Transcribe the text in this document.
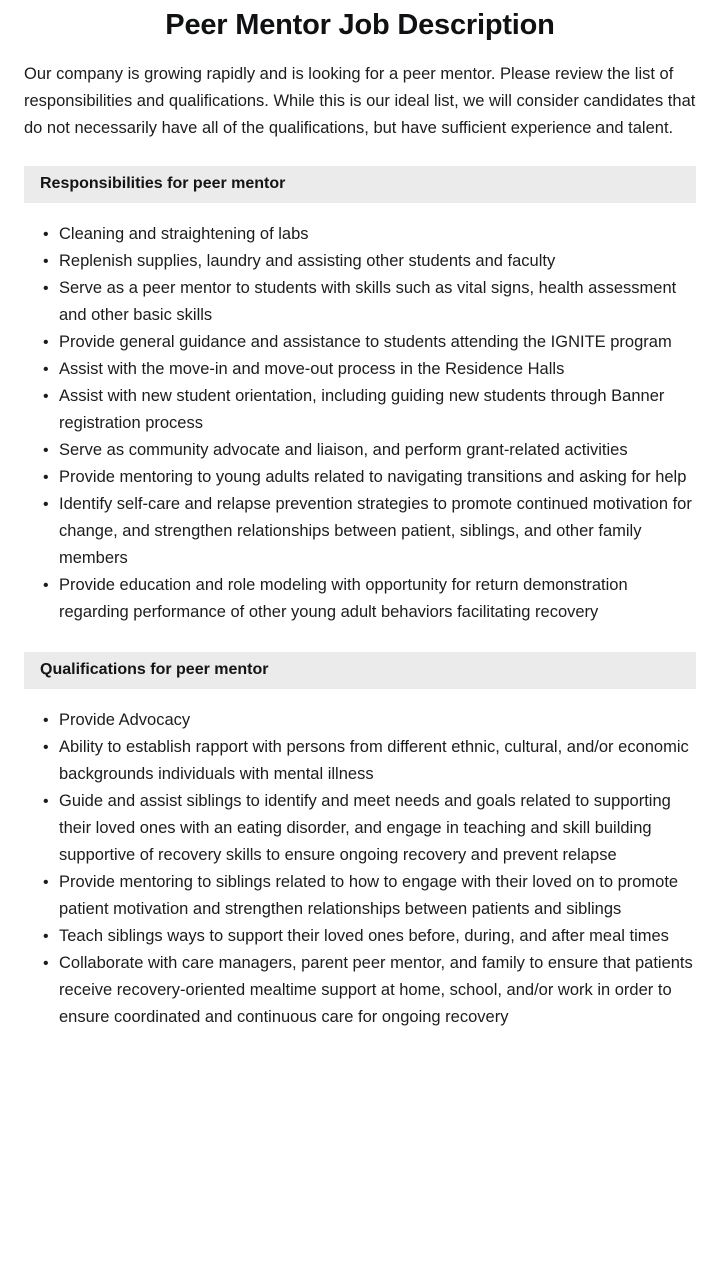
Peer Mentor Job Description

Our company is growing rapidly and is looking for a peer mentor. Please review the list of responsibilities and qualifications. While this is our ideal list, we will consider candidates that do not necessarily have all of the qualifications, but have sufficient experience and talent.

Responsibilities for peer mentor
• Cleaning and straightening of labs
• Replenish supplies, laundry and assisting other students and faculty
• Serve as a peer mentor to students with skills such as vital signs, health assessment and other basic skills
• Provide general guidance and assistance to students attending the IGNITE program
• Assist with the move-in and move-out process in the Residence Halls
• Assist with new student orientation, including guiding new students through Banner registration process
• Serve as community advocate and liaison, and perform grant-related activities
• Provide mentoring to young adults related to navigating transitions and asking for help
• Identify self-care and relapse prevention strategies to promote continued motivation for change, and strengthen relationships between patient, siblings, and other family members
• Provide education and role modeling with opportunity for return demonstration regarding performance of other young adult behaviors facilitating recovery
Qualifications for peer mentor
• Provide Advocacy
• Ability to establish rapport with persons from different ethnic, cultural, and/or economic backgrounds individuals with mental illness
• Guide and assist siblings to identify and meet needs and goals related to supporting their loved ones with an eating disorder, and engage in teaching and skill building supportive of recovery skills to ensure ongoing recovery and prevent relapse
• Provide mentoring to siblings related to how to engage with their loved on to promote patient motivation and strengthen relationships between patients and siblings
• Teach siblings ways to support their loved ones before, during, and after meal times
• Collaborate with care managers, parent peer mentor, and family to ensure that patients receive recovery-oriented mealtime support at home, school, and/or work in order to ensure coordinated and continuous care for ongoing recovery
